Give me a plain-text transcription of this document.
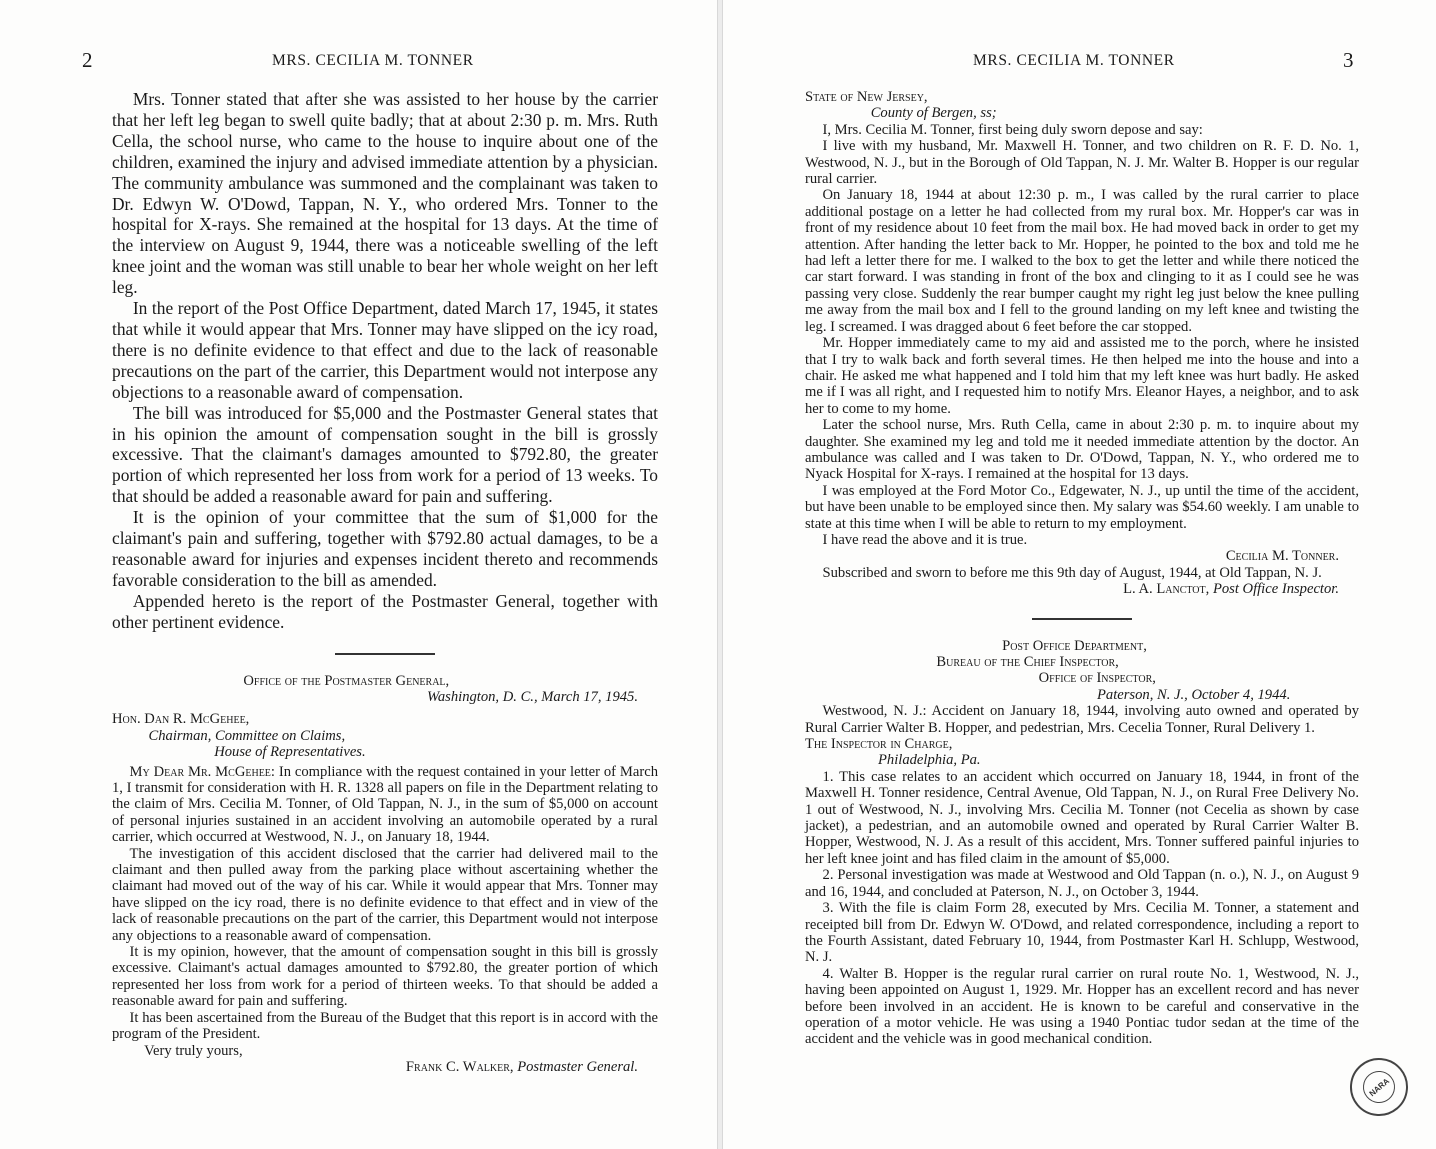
2	MRS. CECILIA M. TONNER

Mrs. Tonner stated that after she was assisted to her house by the carrier that her left leg began to swell quite badly; that at about 2:30 p. m. Mrs. Ruth Cella, the school nurse, who came to the house to inquire about one of the children, examined the injury and advised immediate attention by a physician. The community ambulance was summoned and the complainant was taken to Dr. Edwyn W. O'Dowd, Tappan, N. Y., who ordered Mrs. Tonner to the hospital for X-rays. She remained at the hospital for 13 days. At the time of the interview on August 9, 1944, there was a noticeable swelling of the left knee joint and the woman was still unable to bear her whole weight on her left leg.

In the report of the Post Office Department, dated March 17, 1945, it states that while it would appear that Mrs. Tonner may have slipped on the icy road, there is no definite evidence to that effect and due to the lack of reasonable precautions on the part of the carrier, this Department would not interpose any objections to a reasonable award of compensation.

The bill was introduced for $5,000 and the Postmaster General states that in his opinion the amount of compensation sought in the bill is grossly excessive. That the claimant's damages amounted to $792.80, the greater portion of which represented her loss from work for a period of 13 weeks. To that should be added a reasonable award for pain and suffering.

It is the opinion of your committee that the sum of $1,000 for the claimant's pain and suffering, together with $792.80 actual damages, to be a reasonable award for injuries and expenses incident thereto and recommends favorable consideration to the bill as amended.

Appended hereto is the report of the Postmaster General, together with other pertinent evidence.

Office of the Postmaster General,
Washington, D. C., March 17, 1945.
Hon. Dan R. McGehee,
Chairman, Committee on Claims,
House of Representatives.

My Dear Mr. McGehee: In compliance with the request contained in your letter of March 1, I transmit for consideration with H. R. 1328 all papers on file in the Department relating to the claim of Mrs. Cecilia M. Tonner, of Old Tappan, N. J., in the sum of $5,000 on account of personal injuries sustained in an accident involving an automobile operated by a rural carrier, which occurred at Westwood, N. J., on January 18, 1944.

The investigation of this accident disclosed that the carrier had delivered mail to the claimant and then pulled away from the parking place without ascertaining whether the claimant had moved out of the way of his car. While it would appear that Mrs. Tonner may have slipped on the icy road, there is no definite evidence to that effect and in view of the lack of reasonable precautions on the part of the carrier, this Department would not interpose any objections to a reasonable award of compensation.

It is my opinion, however, that the amount of compensation sought in this bill is grossly excessive. Claimant's actual damages amounted to $792.80, the greater portion of which represented her loss from work for a period of thirteen weeks. To that should be added a reasonable award for pain and suffering.

It has been ascertained from the Bureau of the Budget that this report is in accord with the program of the President.

Very truly yours,
Frank C. Walker, Postmaster General.
MRS. CECILIA M. TONNER	3
State of New Jersey,
County of Bergen, ss;

I, Mrs. Cecilia M. Tonner, first being duly sworn depose and say:

I live with my husband, Mr. Maxwell H. Tonner, and two children on R. F. D. No. 1, Westwood, N. J., but in the Borough of Old Tappan, N. J. Mr. Walter B. Hopper is our regular rural carrier.

On January 18, 1944 at about 12:30 p. m., I was called by the rural carrier to place additional postage on a letter he had collected from my rural box. Mr. Hopper's car was in front of my residence about 10 feet from the mail box. He had moved back in order to get my attention. After handing the letter back to Mr. Hopper, he pointed to the box and told me he had left a letter there for me. I walked to the box to get the letter and while there noticed the car start forward. I was standing in front of the box and clinging to it as I could see he was passing very close. Suddenly the rear bumper caught my right leg just below the knee pulling me away from the mail box and I fell to the ground landing on my left knee and twisting the leg. I screamed. I was dragged about 6 feet before the car stopped.

Mr. Hopper immediately came to my aid and assisted me to the porch, where he insisted that I try to walk back and forth several times. He then helped me into the house and into a chair. He asked me what happened and I told him that my left knee was hurt badly. He asked me if I was all right, and I requested him to notify Mrs. Eleanor Hayes, a neighbor, and to ask her to come to my home.

Later the school nurse, Mrs. Ruth Cella, came in about 2:30 p. m. to inquire about my daughter. She examined my leg and told me it needed immediate attention by the doctor. An ambulance was called and I was taken to Dr. O'Dowd, Tappan, N. Y., who ordered me to Nyack Hospital for X-rays. I remained at the hospital for 13 days.

I was employed at the Ford Motor Co., Edgewater, N. J., up until the time of the accident, but have been unable to be employed since then. My salary was $54.60 weekly. I am unable to state at this time when I will be able to return to my employment.

I have read the above and it is true.

Cecilia M. Tonner.

Subscribed and sworn to before me this 9th day of August, 1944, at Old Tappan, N. J.

L. A. Lanctot, Post Office Inspector.
Post Office Department,
Bureau of the Chief Inspector,
Office of Inspector,
Paterson, N. J., October 4, 1944.

Westwood, N. J.: Accident on January 18, 1944, involving auto owned and operated by Rural Carrier Walter B. Hopper, and pedestrian, Mrs. Cecelia Tonner, Rural Delivery 1.

The Inspector in Charge,
Philadelphia, Pa.

1. This case relates to an accident which occurred on January 18, 1944, in front of the Maxwell H. Tonner residence, Central Avenue, Old Tappan, N. J., on Rural Free Delivery No. 1 out of Westwood, N. J., involving Mrs. Cecilia M. Tonner (not Cecelia as shown by case jacket), a pedestrian, and an automobile owned and operated by Rural Carrier Walter B. Hopper, Westwood, N. J. As a result of this accident, Mrs. Tonner suffered painful injuries to her left knee joint and has filed claim in the amount of $5,000.

2. Personal investigation was made at Westwood and Old Tappan (n. o.), N. J., on August 9 and 16, 1944, and concluded at Paterson, N. J., on October 3, 1944.

3. With the file is claim Form 28, executed by Mrs. Cecilia M. Tonner, a statement and receipted bill from Dr. Edwyn W. O'Dowd, and related correspondence, including a report to the Fourth Assistant, dated February 10, 1944, from Postmaster Karl H. Schlupp, Westwood, N. J.

4. Walter B. Hopper is the regular rural carrier on rural route No. 1, Westwood, N. J., having been appointed on August 1, 1929. Mr. Hopper has an excellent record and has never before been involved in an accident. He is known to be careful and conservative in the operation of a motor vehicle. He was using a 1940 Pontiac tudor sedan at the time of the accident and the vehicle was in good mechanical condition.

NARA
